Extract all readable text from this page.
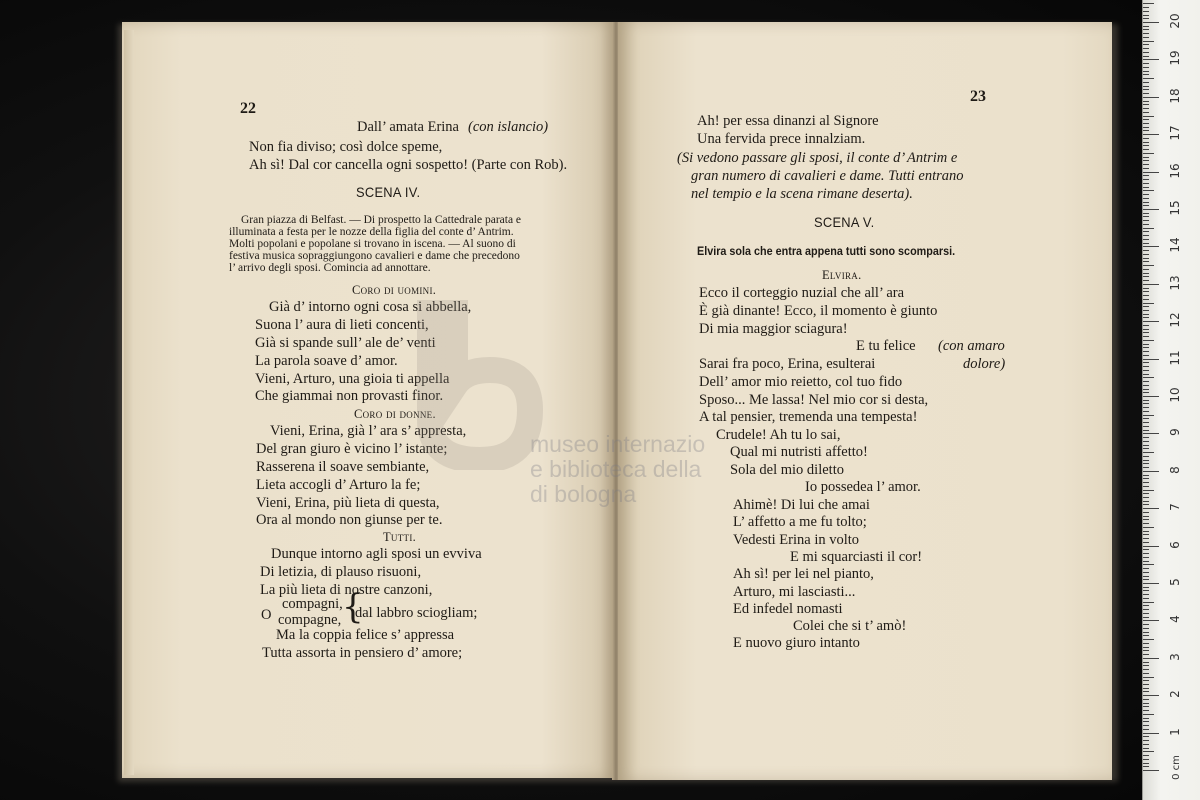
22
Dall’ amata Erina (con islancio)
Non fia diviso; così dolce speme,
Ah sì! Dal cor cancella ogni sospetto! (Parte con Rob).
SCENA IV.
Gran piazza di Belfast. — Di prospetto la Cattedrale parata e
illuminata a festa per le nozze della figlia del conte d’ Antrim.
Molti popolani e popolane si trovano in iscena. — Al suono di
festiva musica sopraggiungono cavalieri e dame che precedono
l’ arrivo degli sposi. Comincia ad annottare.
Coro di uomini.
Già d’ intorno ogni cosa si abbella,
Suona l’ aura di lieti concenti,
Già si spande sull’ ale de’ venti
La parola soave d’ amor.
Vieni, Arturo, una gioia ti appella
Che giammai non provasti finor.
Coro di donne.
Vieni, Erina, già l’ ara s’ appresta,
Del gran giuro è vicino l’ istante;
Rasserena il soave sembiante,
Lieta accogli d’ Arturo la fe;
Vieni, Erina, più lieta di questa,
Ora al mondo non giunse per te.
Tutti.
Dunque intorno agli sposi un evviva
Di letizia, di plauso risuoni,
La più lieta di nostre canzoni,
O
compagni,
compagne, {
dal labbro sciogliam;
Ma la coppia felice s’ appressa
Tutta assorta in pensiero d’ amore;
23
Ah! per essa dinanzi al Signore
Una fervida prece innalziam.
(Si vedono passare gli sposi, il conte d’ Antrim e
gran numero di cavalieri e dame. Tutti entrano
nel tempio e la scena rimane deserta).
SCENA V.
Elvira sola che entra appena tutti sono scomparsi.
Elvira.
Ecco il corteggio nuzial che all’ ara
È già dinante! Ecco, il momento è giunto
Di mia maggior sciagura!
E tu felice (con amaro
Sarai fra poco, Erina, esulterai	dolore)
Dell’ amor mio reietto, col tuo fido
Sposo... Me lassa! Nel mio cor si desta,
A tal pensier, tremenda una tempesta!
Crudele! Ah tu lo sai,
Qual mi nutristi affetto!
Sola del mio diletto
Io possedea l’ amor.
Ahimè! Di lui che amai
L’ affetto a me fu tolto;
Vedesti Erina in volto
E mi squarciasti il cor!
Ah sì! per lei nel pianto,
Arturo, mi lasciasti...
Ed infedel nomasti
Colei che si t’ amò!
E nuovo giuro intanto
museo internazio
e biblioteca della
di bologna
1
2
3
4
5
6
7
8
9
10
11
12
13
14
15
16
17
18
19
20
0 cm
